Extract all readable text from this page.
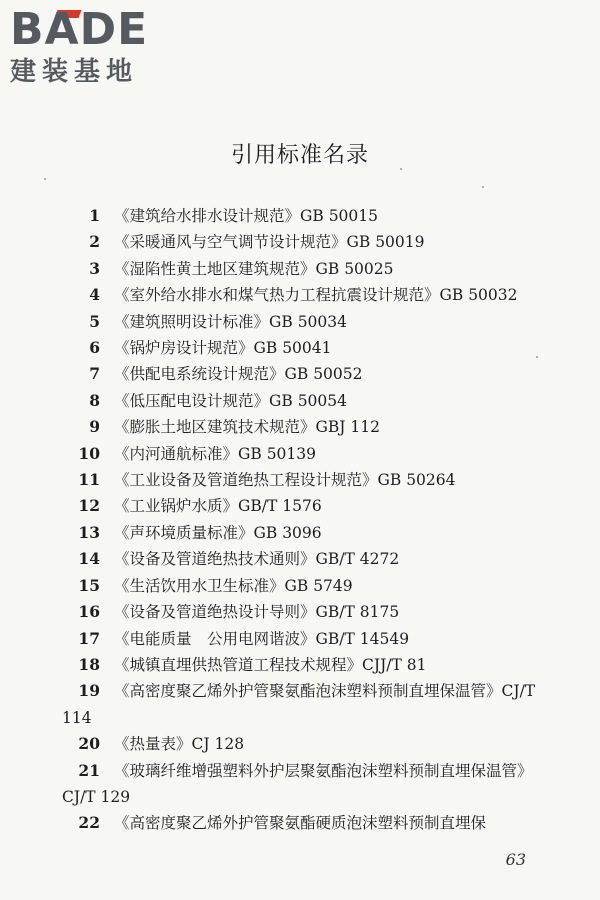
BADE
建装基地
引用标准名录
1 《建筑给水排水设计规范》GB 50015
2 《采暖通风与空气调节设计规范》GB 50019
3 《湿陷性黄土地区建筑规范》GB 50025
4 《室外给水排水和煤气热力工程抗震设计规范》GB 50032
5 《建筑照明设计标准》GB 50034
6 《锅炉房设计规范》GB 50041
7 《供配电系统设计规范》GB 50052
8 《低压配电设计规范》GB 50054
9 《膨胀土地区建筑技术规范》GBJ 112
10 《内河通航标准》GB 50139
11 《工业设备及管道绝热工程设计规范》GB 50264
12 《工业锅炉水质》GB/T 1576
13 《声环境质量标准》GB 3096
14 《设备及管道绝热技术通则》GB/T 4272
15 《生活饮用水卫生标准》GB 5749
16 《设备及管道绝热设计导则》GB/T 8175
17 《电能质量　公用电网谐波》GB/T 14549
18 《城镇直埋供热管道工程技术规程》CJJ/T 81
19 《高密度聚乙烯外护管聚氨酯泡沫塑料预制直埋保温管》CJ/T 114
20 《热量表》CJ 128
21 《玻璃纤维增强塑料外护层聚氨酯泡沫塑料预制直埋保温管》CJ/T 129
22 《高密度聚乙烯外护管聚氨酯硬质泡沫塑料预制直埋保
63
